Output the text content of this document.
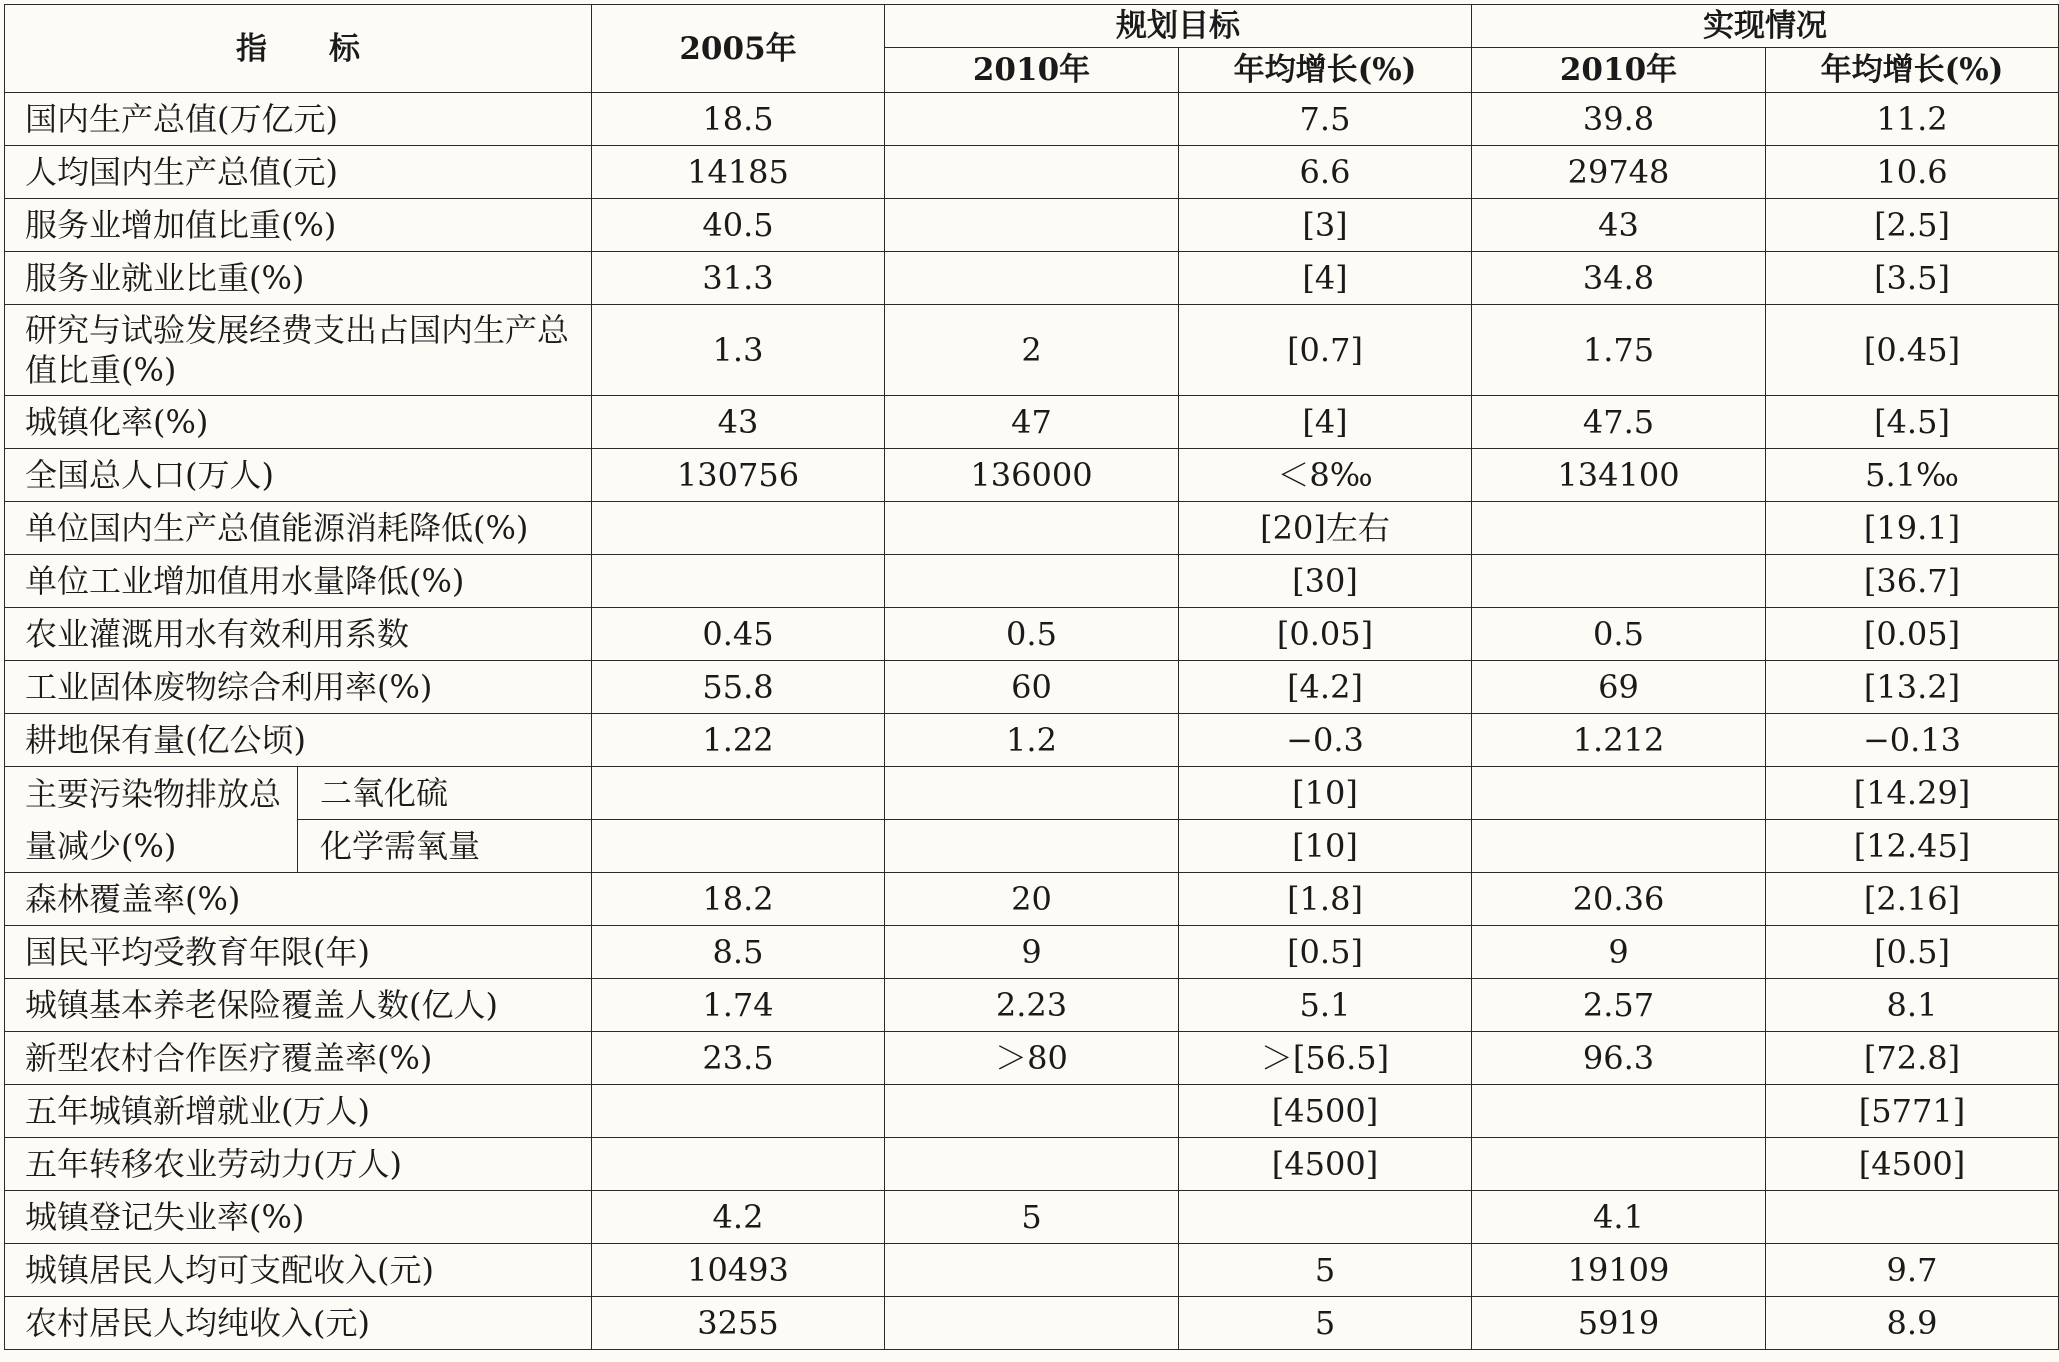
指　　标		2005年	规划目标		实现情况	
			2010年	年均增长(%)	2010年	年均增长(%)
国内生产总值(万亿元)		18.5		7.5	39.8	11.2
人均国内生产总值(元)		14185		6.6	29748	10.6
服务业增加值比重(%)		40.5		[3]	43	[2.5]
服务业就业比重(%)		31.3		[4]	34.8	[3.5]
研究与试验发展经费支出占国内生产总值比重(%)		1.3	2	[0.7]	1.75	[0.45]
城镇化率(%)		43	47	[4]	47.5	[4.5]
全国总人口(万人)		130756	136000	＜8‰	134100	5.1‰
单位国内生产总值能源消耗降低(%)				[20]左右		[19.1]
单位工业增加值用水量降低(%)				[30]		[36.7]
农业灌溉用水有效利用系数		0.45	0.5	[0.05]	0.5	[0.05]
工业固体废物综合利用率(%)		55.8	60	[4.2]	69	[13.2]
耕地保有量(亿公顷)		1.22	1.2	−0.3	1.212	−0.13
主要污染物排放总量减少(%)	二氧化硫			[10]		[14.29]
	化学需氧量			[10]		[12.45]
森林覆盖率(%)		18.2	20	[1.8]	20.36	[2.16]
国民平均受教育年限(年)		8.5	9	[0.5]	9	[0.5]
城镇基本养老保险覆盖人数(亿人)		1.74	2.23	5.1	2.57	8.1
新型农村合作医疗覆盖率(%)		23.5	＞80	＞[56.5]	96.3	[72.8]
五年城镇新增就业(万人)				[4500]		[5771]
五年转移农业劳动力(万人)				[4500]		[4500]
城镇登记失业率(%)		4.2	5		4.1	
城镇居民人均可支配收入(元)		10493		5	19109	9.7
农村居民人均纯收入(元)		3255		5	5919	8.9
